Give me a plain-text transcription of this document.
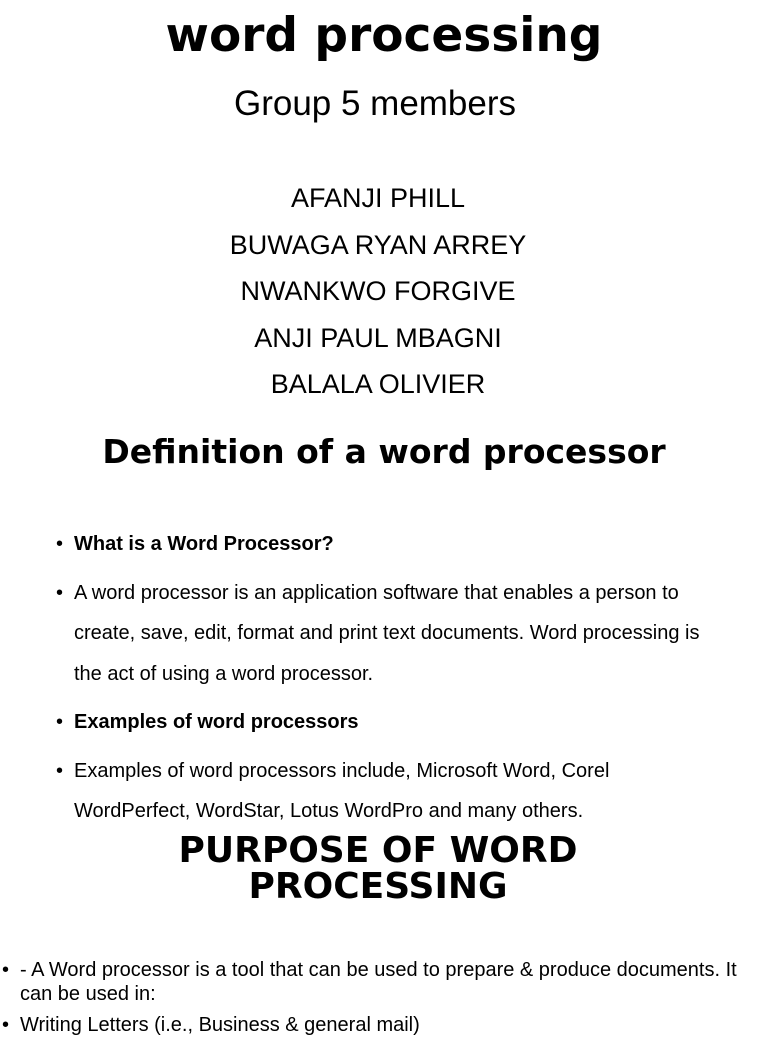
word processing

Group 5 members

AFANJI PHILL
BUWAGA RYAN ARREY
NWANKWO FORGIVE
ANJI PAUL MBAGNI
BALALA OLIVIER
Definition of a word processor
• What is a Word Processor?
• A word processor is an application software that enables a person to create, save, edit, format and print text documents. Word processing is the act of using a word processor.
• Examples of word processors
• Examples of word processors include, Microsoft Word, Corel WordPerfect, WordStar, Lotus WordPro and many others.
PURPOSE OF WORD
PROCESSING
• - A Word processor is a tool that can be used to prepare & produce documents. It can be used in:
• Writing Letters (i.e., Business & general mail)
